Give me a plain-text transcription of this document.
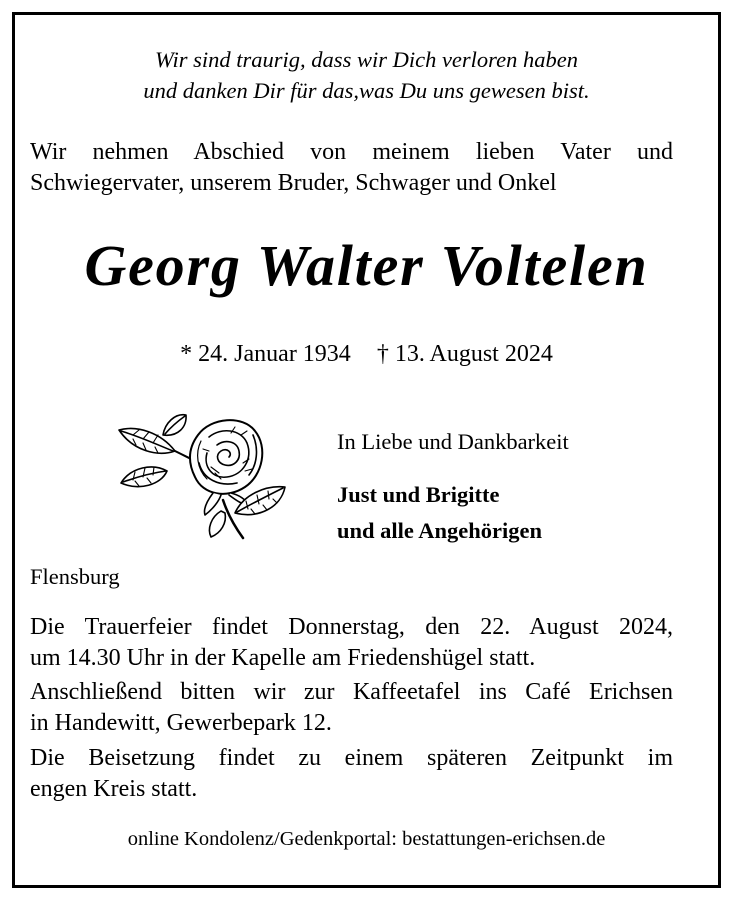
Wir sind traurig, dass wir Dich verloren haben
und danken Dir für das,was Du uns gewesen bist.
Wir nehmen Abschied von meinem lieben Vater und
Schwiegervater, unserem Bruder, Schwager und Onkel
Georg Walter Voltelen
* 24. Januar 1934 † 13. August 2024
In Liebe und Dankbarkeit
Just und Brigitte
und alle Angehörigen
Flensburg
Die Trauerfeier findet Donnerstag, den 22. August 2024,
um 14.30 Uhr in der Kapelle am Friedenshügel statt.
Anschließend bitten wir zur Kaffeetafel ins Café Erichsen
in Handewitt, Gewerbepark 12.
Die Beisetzung findet zu einem späteren Zeitpunkt im
engen Kreis statt.
online Kondolenz/Gedenkportal: bestattungen-erichsen.de
